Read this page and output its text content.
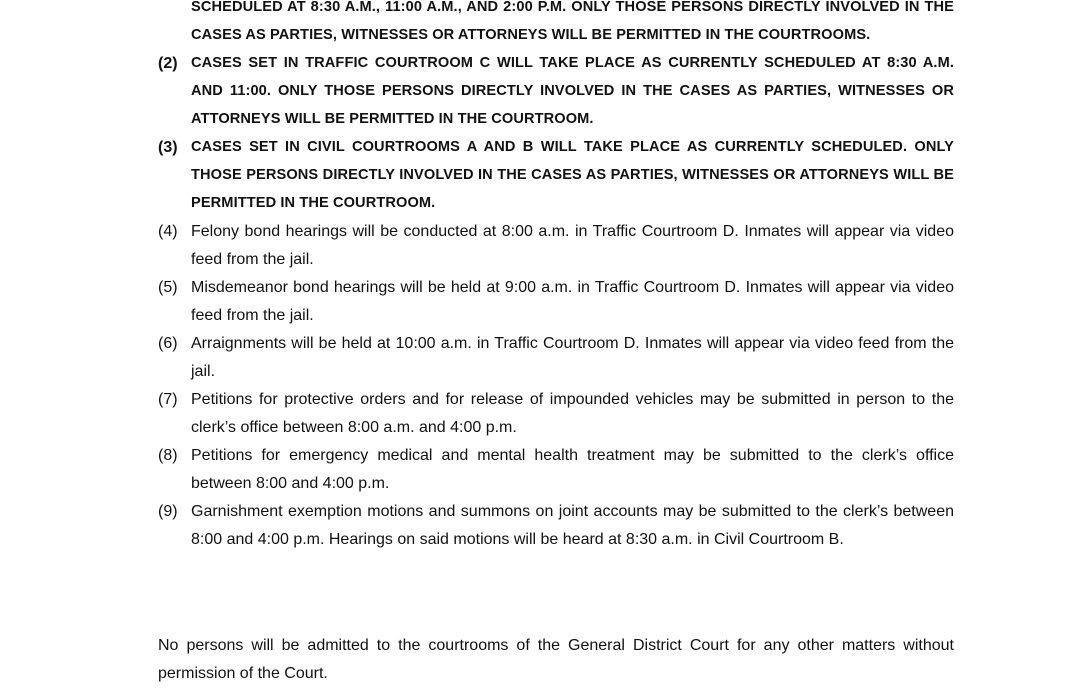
SCHEDULED AT 8:30 A.M., 11:00 A.M., AND 2:00 P.M. ONLY THOSE PERSONS DIRECTLY INVOLVED IN THE CASES AS PARTIES, WITNESSES OR ATTORNEYS WILL BE PERMITTED IN THE COURTROOMS.
(2) CASES SET IN TRAFFIC COURTROOM C WILL TAKE PLACE AS CURRENTLY SCHEDULED AT 8:30 A.M. AND 11:00. ONLY THOSE PERSONS DIRECTLY INVOLVED IN THE CASES AS PARTIES, WITNESSES OR ATTORNEYS WILL BE PERMITTED IN THE COURTROOM.
(3) CASES SET IN CIVIL COURTROOMS A AND B WILL TAKE PLACE AS CURRENTLY SCHEDULED. ONLY THOSE PERSONS DIRECTLY INVOLVED IN THE CASES AS PARTIES, WITNESSES OR ATTORNEYS WILL BE PERMITTED IN THE COURTROOM.
(4) Felony bond hearings will be conducted at 8:00 a.m. in Traffic Courtroom D. Inmates will appear via video feed from the jail.
(5) Misdemeanor bond hearings will be held at 9:00 a.m. in Traffic Courtroom D. Inmates will appear via video feed from the jail.
(6) Arraignments will be held at 10:00 a.m. in Traffic Courtroom D. Inmates will appear via video feed from the jail.
(7) Petitions for protective orders and for release of impounded vehicles may be submitted in person to the clerk’s office between 8:00 a.m. and 4:00 p.m.
(8) Petitions for emergency medical and mental health treatment may be submitted to the clerk’s office between 8:00 and 4:00 p.m.
(9) Garnishment exemption motions and summons on joint accounts may be submitted to the clerk’s between 8:00 and 4:00 p.m. Hearings on said motions will be heard at 8:30 a.m. in Civil Courtroom B.

No persons will be admitted to the courtrooms of the General District Court for any other matters without permission of the Court.
